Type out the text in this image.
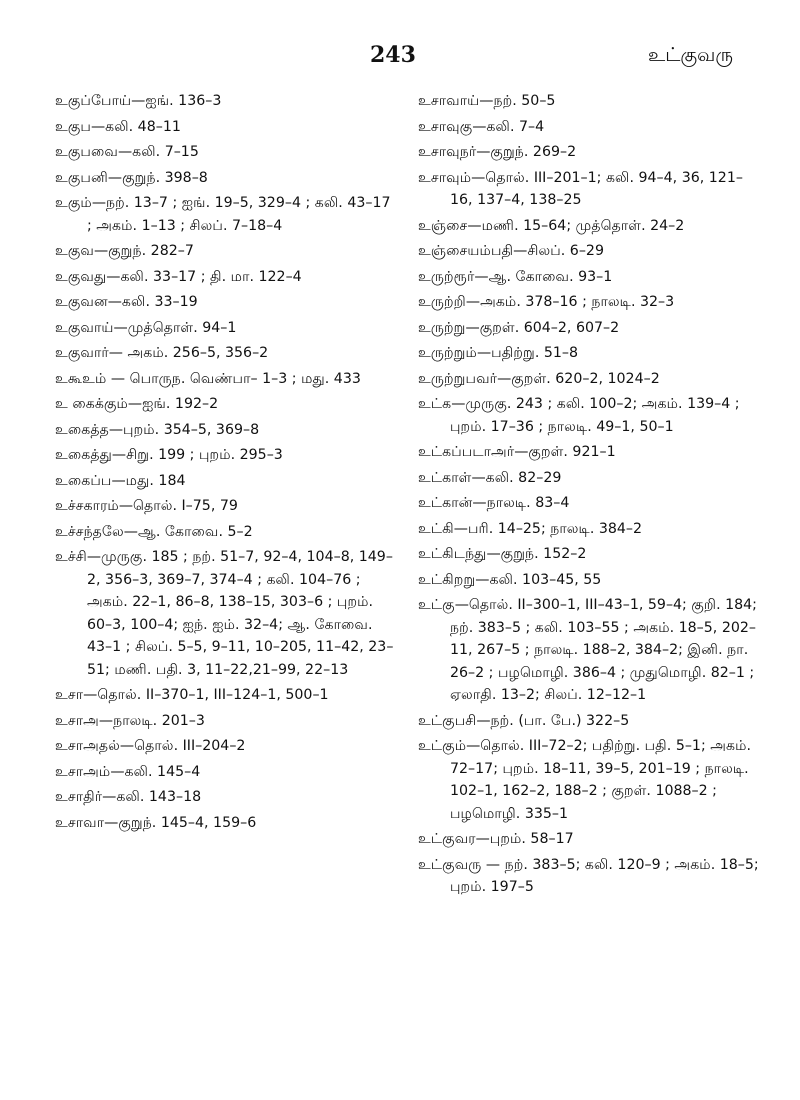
243	உட்குவரு
உகுப்போய்—ஐங். 136–3
உகுப—கலி. 48–11
உகுபவை—கலி. 7–15
உகுபனி—குறுந். 398–8
உகும்—நற். 13–7 ; ஐங். 19–5, 329–4 ; கலி. 43–17 ; அகம். 1–13 ; சிலப். 7–18–4
உகுவ—குறுந். 282–7
உகுவது—கலி. 33–17 ; தி. மா. 122–4
உகுவன—கலி. 33–19
உகுவாய்—முத்தொள். 94–1
உகுவார்— அகம். 256–5, 356–2
உகூஉம் — பொருந. வெண்பா– 1–3 ; மது. 433
உ கைக்கும்—ஐங். 192–2
உகைத்த—புறம். 354–5, 369–8
உகைத்து—சிறு. 199 ; புறம். 295–3
உகைப்ப—மது. 184
உச்சகாரம்—தொல். I–75, 79
உச்சந்தலே—ஆ. கோவை. 5–2
உச்சி—முருகு. 185 ; நற். 51–7, 92–4, 104–8, 149–2, 356–3, 369–7, 374–4 ; கலி. 104–76 ; அகம். 22–1, 86–8, 138–15, 303–6 ; புறம். 60–3, 100–4; ஐந். ஐம். 32–4; ஆ. கோவை. 43–1 ; சிலப். 5–5, 9–11, 10–205, 11–42, 23–51; மணி. பதி. 3, 11–22,21–99, 22–13
உசா—தொல். II–370–1, III–124–1, 500–1
உசாஅ—நாலடி. 201–3
உசாஅதல்—தொல். III–204–2
உசாஅம்—கலி. 145–4
உசாதிர்—கலி. 143–18
உசாவா—குறுந். 145–4, 159–6
உசாவாய்—நற். 50–5
உசாவுகு—கலி. 7–4
உசாவுநர்—குறுந். 269–2
உசாவும்—தொல். III–201–1; கலி. 94–4, 36, 121–16, 137–4, 138–25
உஞ்சை—மணி. 15–64; முத்தொள். 24–2
உஞ்சையம்பதி—சிலப். 6–29
உருற்ரூர்—ஆ. கோவை. 93–1
உருற்றி—அகம். 378–16 ; நாலடி. 32–3
உருற்று—குறள். 604–2, 607–2
உருற்றும்—பதிற்று. 51–8
உருற்றுபவர்—குறள். 620–2, 1024–2
உட்க—முருகு. 243 ; கலி. 100–2; அகம். 139–4 ; புறம். 17–36 ; நாலடி. 49–1, 50–1
உட்கப்படாஅர்—குறள். 921–1
உட்காள்—கலி. 82–29
உட்கான்—நாலடி. 83–4
உட்கி—பரி. 14–25; நாலடி. 384–2
உட்கிடந்து—குறுந். 152–2
உட்கிறறு—கலி. 103–45, 55
உட்கு—தொல். II–300–1, III–43–1, 59–4; குறி. 184; நற். 383–5 ; கலி. 103–55 ; அகம். 18–5, 202–11, 267–5 ; நாலடி. 188–2, 384–2; இனி. நா. 26–2 ; பழமொழி. 386–4 ; முதுமொழி. 82–1 ; ஏலாதி. 13–2; சிலப். 12–12–1
உட்குபசி—நற். (பா. பே.) 322–5
உட்கும்—தொல். III–72–2; பதிற்று. பதி. 5–1; அகம். 72–17; புறம். 18–11, 39–5, 201–19 ; நாலடி. 102–1, 162–2, 188–2 ; குறள். 1088–2 ; பழமொழி. 335–1
உட்குவர—புறம். 58–17
உட்குவரு — நற். 383–5; கலி. 120–9 ; அகம். 18–5; புறம். 197–5
